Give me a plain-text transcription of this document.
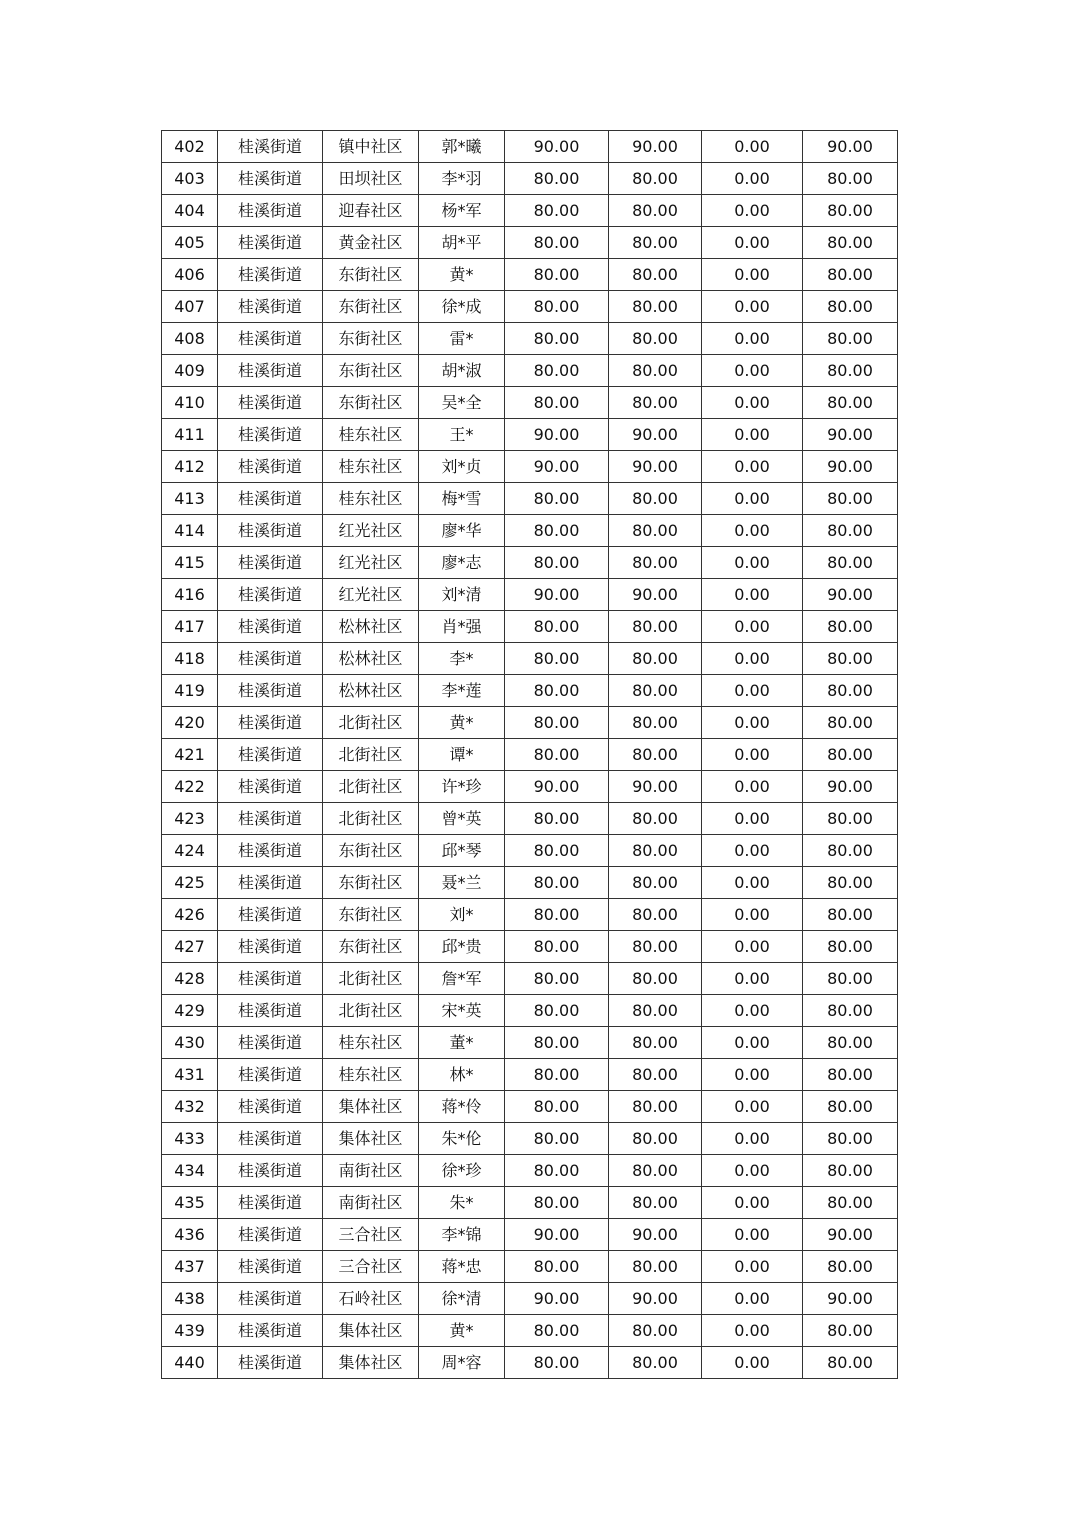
402	桂溪街道	镇中社区	郭*曦	90.00	90.00	0.00	90.00
403	桂溪街道	田坝社区	李*羽	80.00	80.00	0.00	80.00
404	桂溪街道	迎春社区	杨*军	80.00	80.00	0.00	80.00
405	桂溪街道	黄金社区	胡*平	80.00	80.00	0.00	80.00
406	桂溪街道	东街社区	黄*	80.00	80.00	0.00	80.00
407	桂溪街道	东街社区	徐*成	80.00	80.00	0.00	80.00
408	桂溪街道	东街社区	雷*	80.00	80.00	0.00	80.00
409	桂溪街道	东街社区	胡*淑	80.00	80.00	0.00	80.00
410	桂溪街道	东街社区	吴*全	80.00	80.00	0.00	80.00
411	桂溪街道	桂东社区	王*	90.00	90.00	0.00	90.00
412	桂溪街道	桂东社区	刘*贞	90.00	90.00	0.00	90.00
413	桂溪街道	桂东社区	梅*雪	80.00	80.00	0.00	80.00
414	桂溪街道	红光社区	廖*华	80.00	80.00	0.00	80.00
415	桂溪街道	红光社区	廖*志	80.00	80.00	0.00	80.00
416	桂溪街道	红光社区	刘*清	90.00	90.00	0.00	90.00
417	桂溪街道	松林社区	肖*强	80.00	80.00	0.00	80.00
418	桂溪街道	松林社区	李*	80.00	80.00	0.00	80.00
419	桂溪街道	松林社区	李*莲	80.00	80.00	0.00	80.00
420	桂溪街道	北街社区	黄*	80.00	80.00	0.00	80.00
421	桂溪街道	北街社区	谭*	80.00	80.00	0.00	80.00
422	桂溪街道	北街社区	许*珍	90.00	90.00	0.00	90.00
423	桂溪街道	北街社区	曾*英	80.00	80.00	0.00	80.00
424	桂溪街道	东街社区	邱*琴	80.00	80.00	0.00	80.00
425	桂溪街道	东街社区	聂*兰	80.00	80.00	0.00	80.00
426	桂溪街道	东街社区	刘*	80.00	80.00	0.00	80.00
427	桂溪街道	东街社区	邱*贵	80.00	80.00	0.00	80.00
428	桂溪街道	北街社区	詹*军	80.00	80.00	0.00	80.00
429	桂溪街道	北街社区	宋*英	80.00	80.00	0.00	80.00
430	桂溪街道	桂东社区	董*	80.00	80.00	0.00	80.00
431	桂溪街道	桂东社区	林*	80.00	80.00	0.00	80.00
432	桂溪街道	集体社区	蒋*伶	80.00	80.00	0.00	80.00
433	桂溪街道	集体社区	朱*伦	80.00	80.00	0.00	80.00
434	桂溪街道	南街社区	徐*珍	80.00	80.00	0.00	80.00
435	桂溪街道	南街社区	朱*	80.00	80.00	0.00	80.00
436	桂溪街道	三合社区	李*锦	90.00	90.00	0.00	90.00
437	桂溪街道	三合社区	蒋*忠	80.00	80.00	0.00	80.00
438	桂溪街道	石岭社区	徐*清	90.00	90.00	0.00	90.00
439	桂溪街道	集体社区	黄*	80.00	80.00	0.00	80.00
440	桂溪街道	集体社区	周*容	80.00	80.00	0.00	80.00
